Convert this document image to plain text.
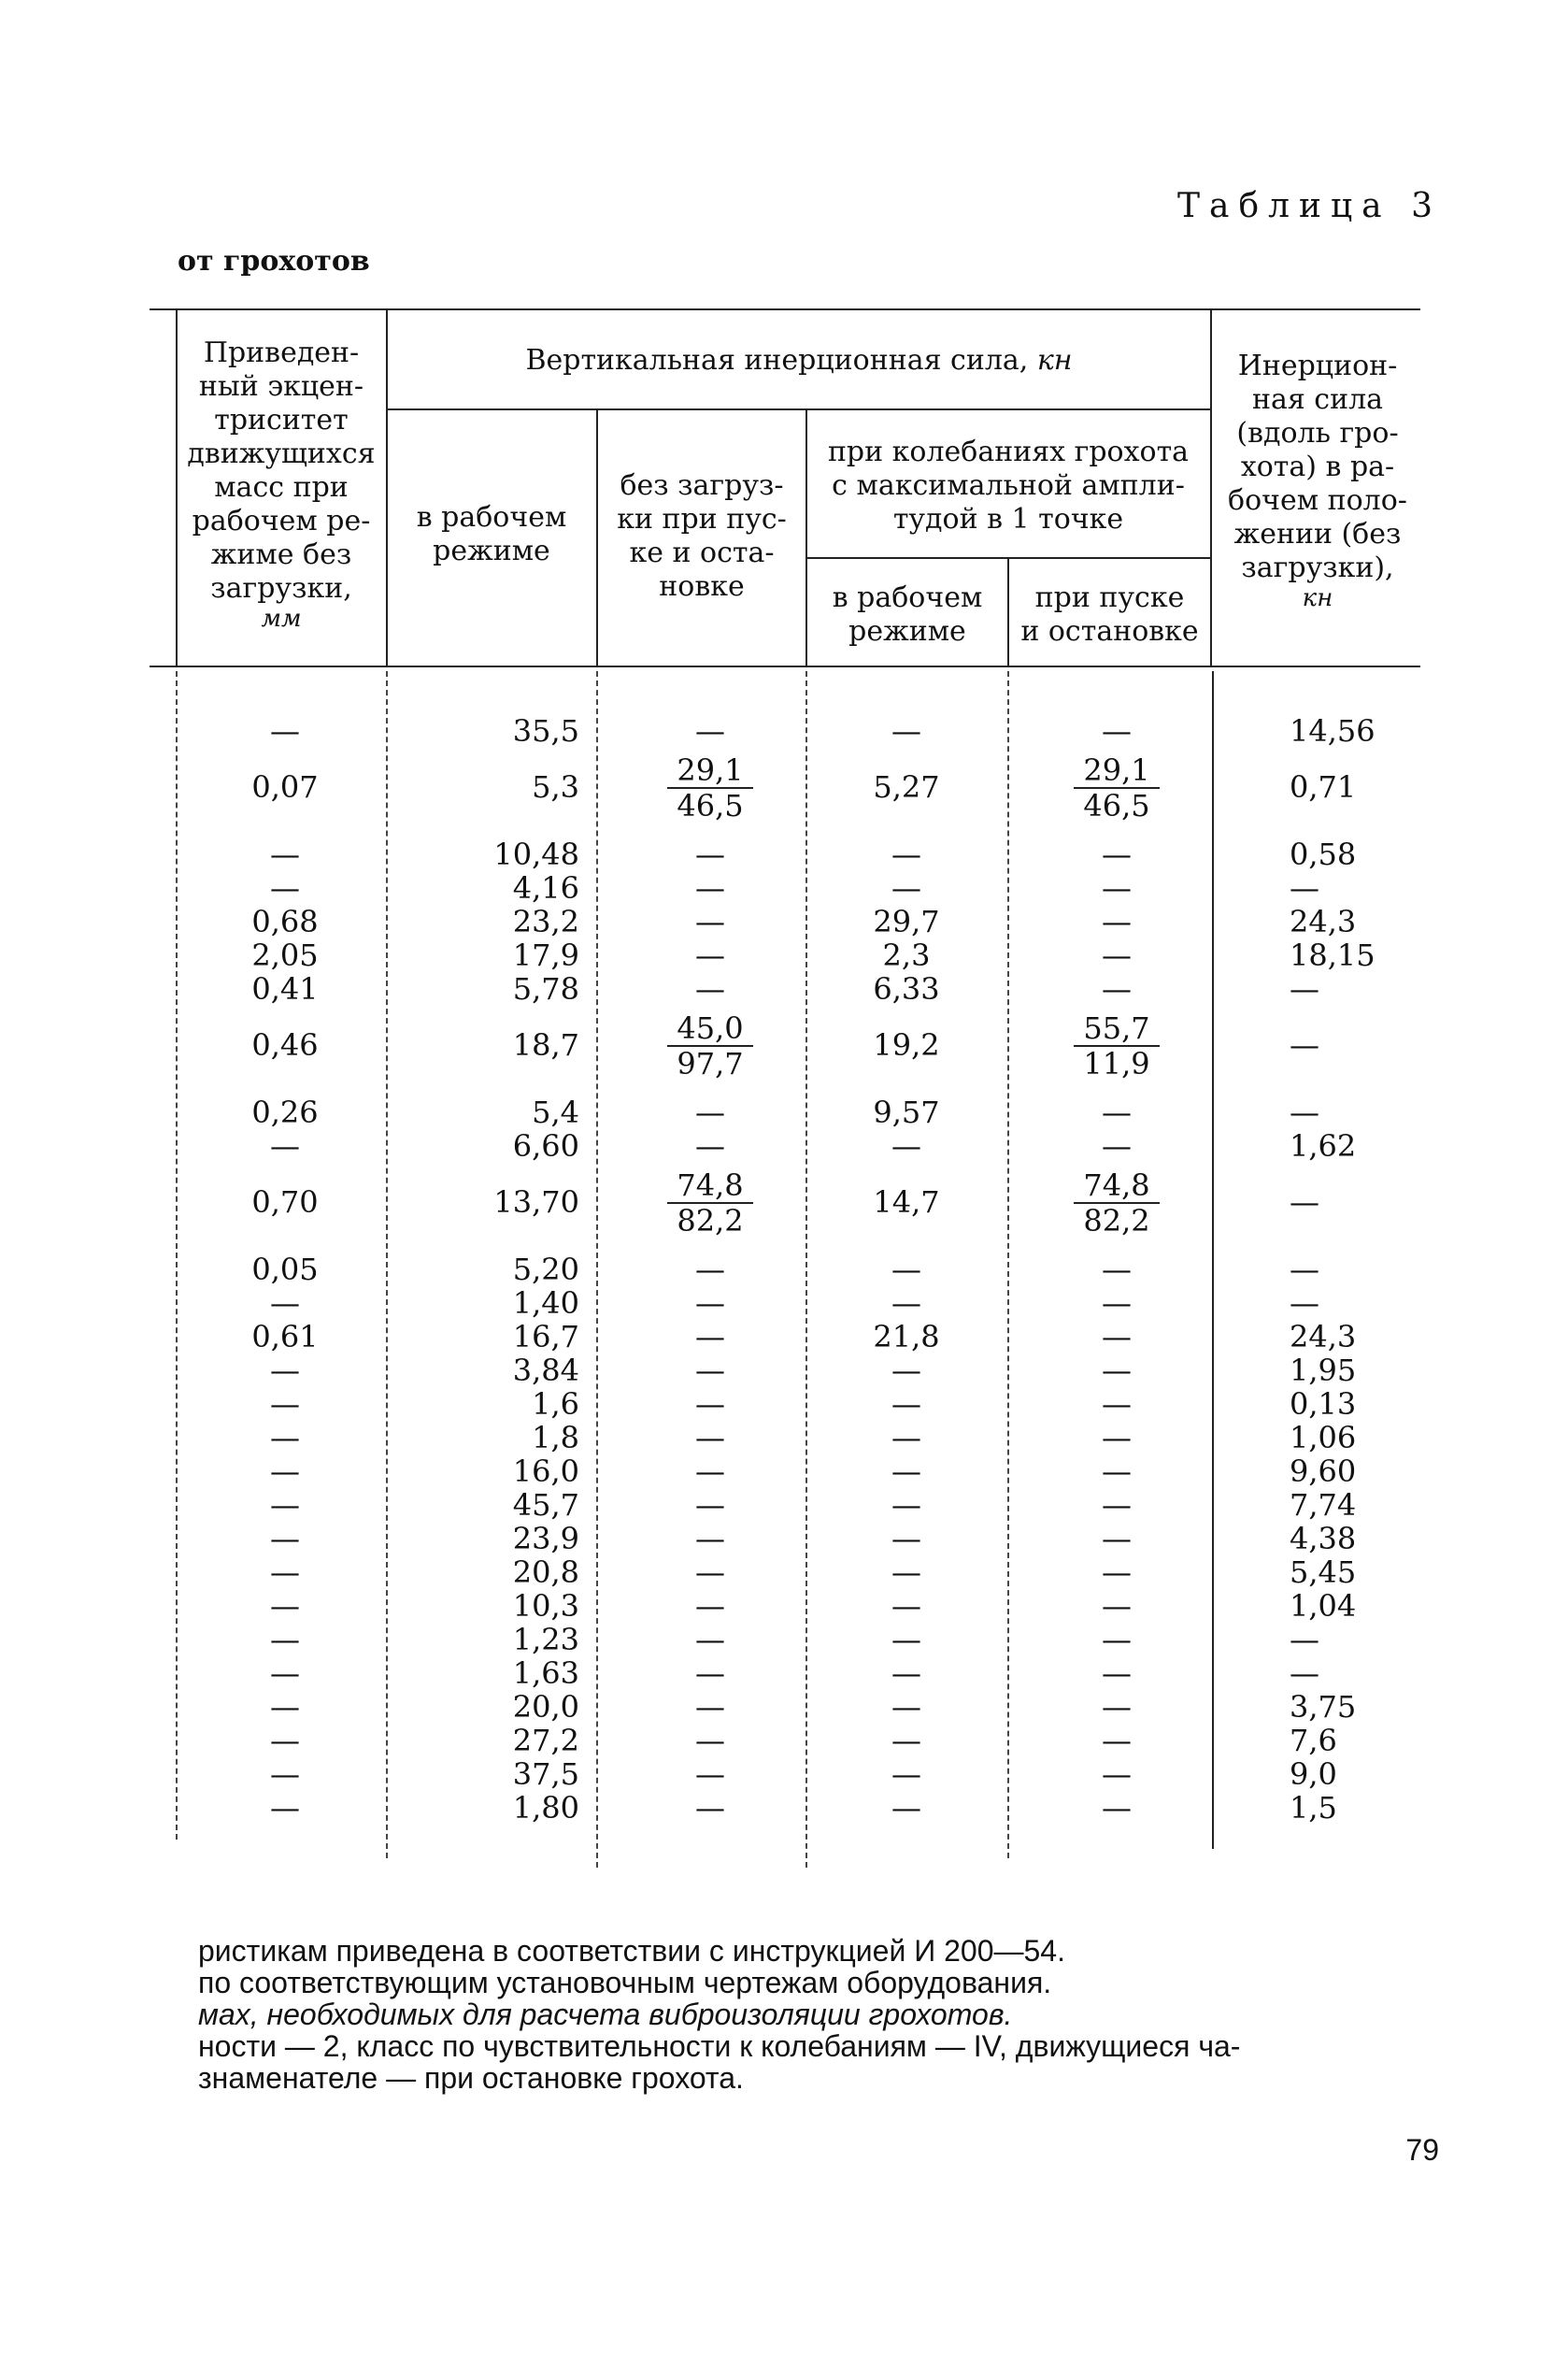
Таблица 3
от грохотов
Приведен-
ный экцен-
триситет
движущихся
масс при
рабочем ре-
жиме без
загрузки,
мм
Вертикальная инерционная сила, кн
в рабочем
режиме
без загруз-
ки при пус-
ке и оста-
новке
при колебаниях грохота
с максимальной ампли-
тудой в 1 точке
в рабочем
режиме
при пуске
и остановке
Инерцион-
ная сила
(вдоль гро-
хота) в ра-
бочем поло-
жении (без
загрузки),
кн
—	35,5	—	—	—	14,56
0,07	5,3	$\frac{29,1}{46,5}$	5,27	$\frac{29,1}{46,5}$	0,71
—	10,48	—	—	—	0,58
—	4,16	—	—	—	—
0,68	23,2	—	29,7	—	24,3
2,05	17,9	—	2,3	—	18,15
0,41	5,78	—	6,33	—	—
0,46	18,7	$\frac{45,0}{97,7}$	19,2	$\frac{55,7}{11,9}$	—
0,26	5,4	—	9,57	—	—
—	6,60	—	—	—	1,62
0,70	13,70	$\frac{74,8}{82,2}$	14,7	$\frac{74,8}{82,2}$	—
0,05	5,20	—	—	—	—
—	1,40	—	—	—	—
0,61	16,7	—	21,8	—	24,3
—	3,84	—	—	—	1,95
—	1,6	—	—	—	0,13
—	1,8	—	—	—	1,06
—	16,0	—	—	—	9,60
—	45,7	—	—	—	7,74
—	23,9	—	—	—	4,38
—	20,8	—	—	—	5,45
—	10,3	—	—	—	1,04
—	1,23	—	—	—	—
—	1,63	—	—	—	—
—	20,0	—	—	—	3,75
—	27,2	—	—	—	7,6
—	37,5	—	—	—	9,0
—	1,80	—	—	—	1,5
ристикам приведена в соответствии с инструкцией И 200—54.
по соответствующим установочным чертежам оборудования.
мах, необходимых для расчета виброизоляции грохотов.
ности — 2, класс по чувствительности к колебаниям — IV, движущиеся ча-
знаменателе — при остановке грохота.
79
